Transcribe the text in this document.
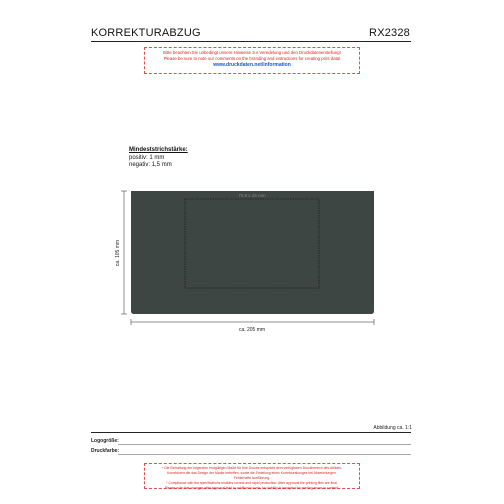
KORREKTURABZUG	RX2328
Bitte beachten Sie unbedingt unsere Hinweise zur Veredelung und den Druckdatenerstellung!
Please be sure to note our comments on the branding and instructions for creating print data!
www.druckdaten.net/information
Mindeststrichstärke:
positiv: 1 mm
negativ: 1,5 mm
70,8 x 25 mm
ca. 105 mm
ca. 205 mm
Abbildung ca. 1:1
Logogröße:
Druckfarbe:
* Die Einhaltung der folgenden endgültigen Maße für Ihre Drucke entspricht dem verfügbaren Druckbereich des Artikels.
Korrekturen die das Design der Marke betreffen, sowie die Erstellung eines Korrekturabzuges bei Abweichungen.
Fehlerhafte Ausführung.
* Compliance with the specifications enables correct and rapid production. After approval the printing files are final.
Please note that changes after approval lead to additional costs. No liability is accepted for printing errors in content.
